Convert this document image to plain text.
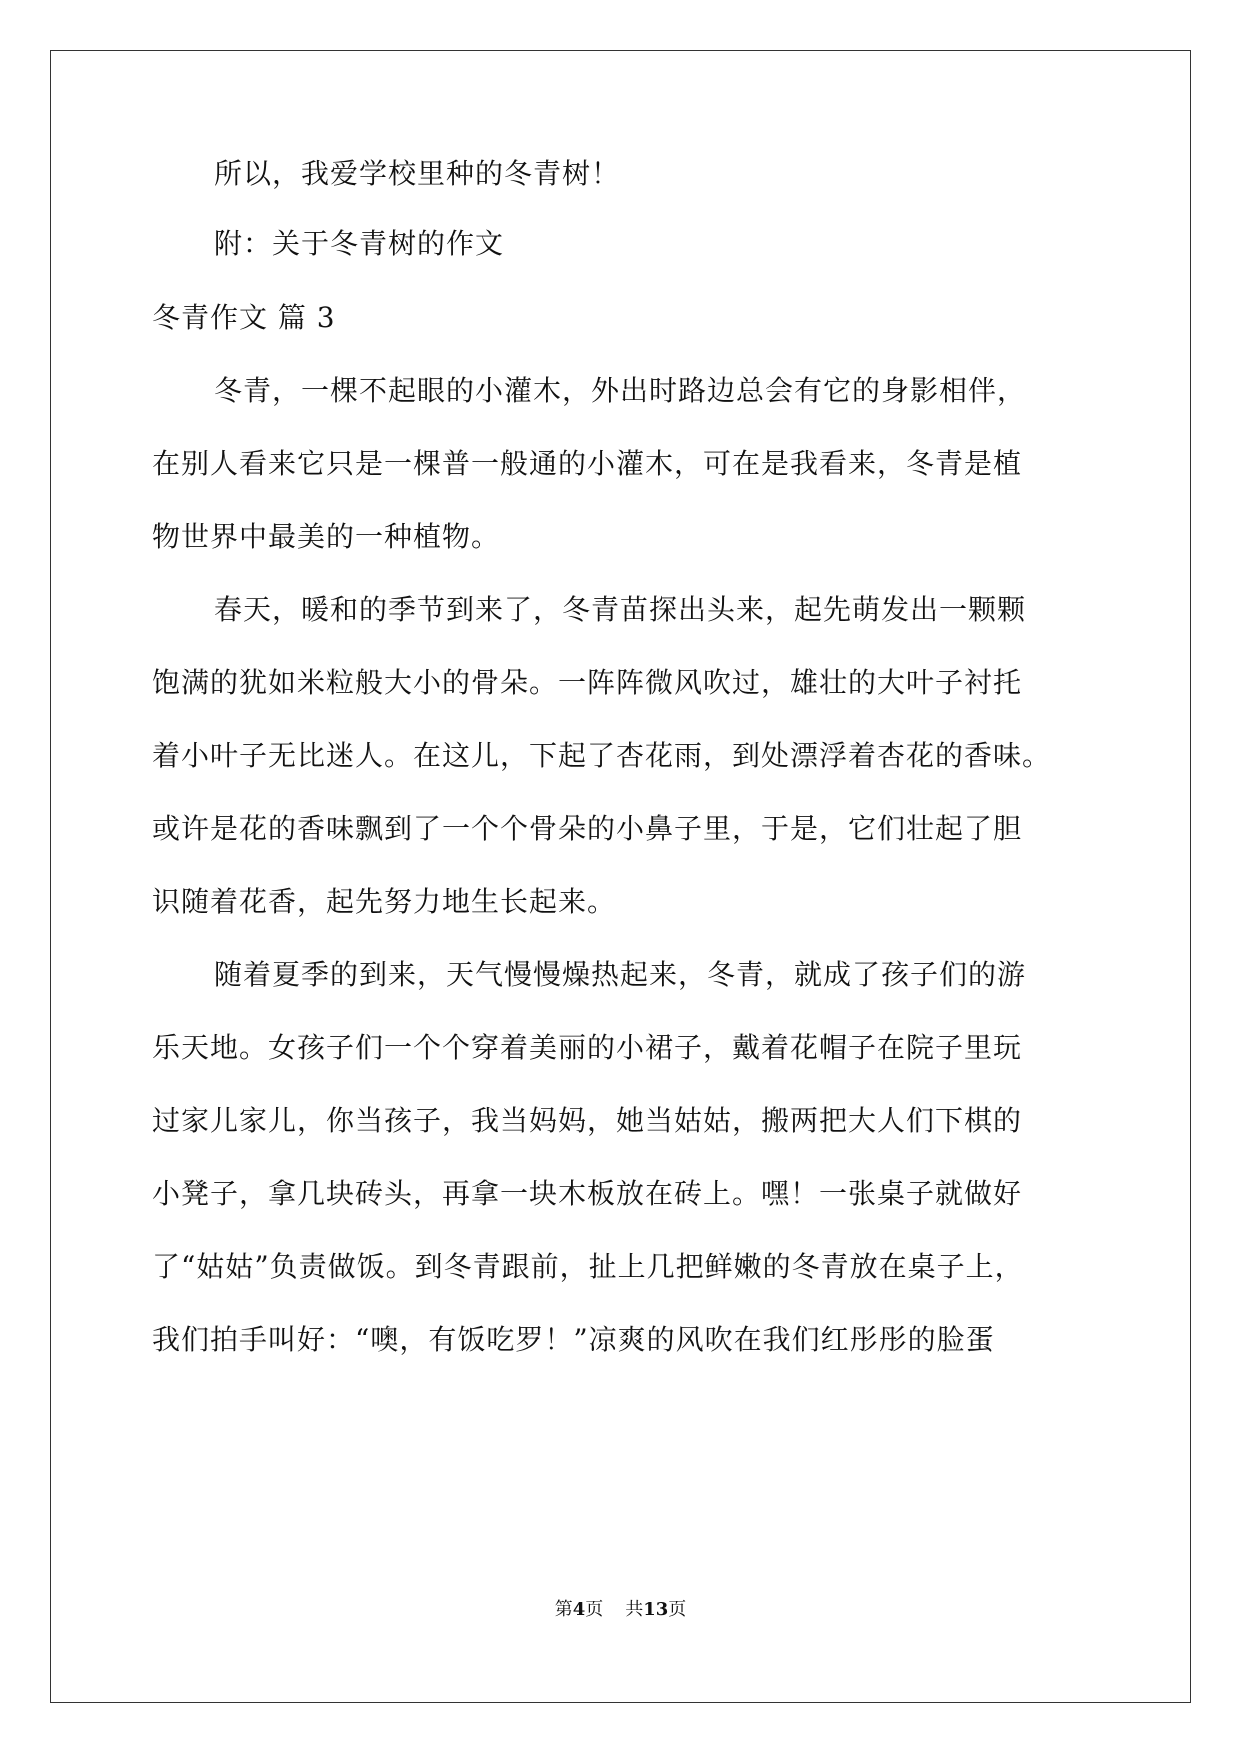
所以，我爱学校里种的冬青树！
附：关于冬青树的作文
冬青作文 篇 3
冬青，一棵不起眼的小灌木，外出时路边总会有它的身影相伴，
在别人看来它只是一棵普一般通的小灌木，可在是我看来，冬青是植
物世界中最美的一种植物。
春天，暖和的季节到来了，冬青苗探出头来，起先萌发出一颗颗
饱满的犹如米粒般大小的骨朵。一阵阵微风吹过，雄壮的大叶子衬托
着小叶子无比迷人。在这儿，下起了杏花雨，到处漂浮着杏花的香味。
或许是花的香味飘到了一个个骨朵的小鼻子里，于是，它们壮起了胆
识随着花香，起先努力地生长起来。
随着夏季的到来，天气慢慢燥热起来，冬青，就成了孩子们的游
乐天地。女孩子们一个个穿着美丽的小裙子，戴着花帽子在院子里玩
过家儿家儿，你当孩子，我当妈妈，她当姑姑，搬两把大人们下棋的
小凳子，拿几块砖头，再拿一块木板放在砖上。嘿！一张桌子就做好
了“姑姑”负责做饭。到冬青跟前，扯上几把鲜嫩的冬青放在桌子上，
我们拍手叫好：“噢，有饭吃罗！”凉爽的风吹在我们红彤彤的脸蛋
第4页 共13页
